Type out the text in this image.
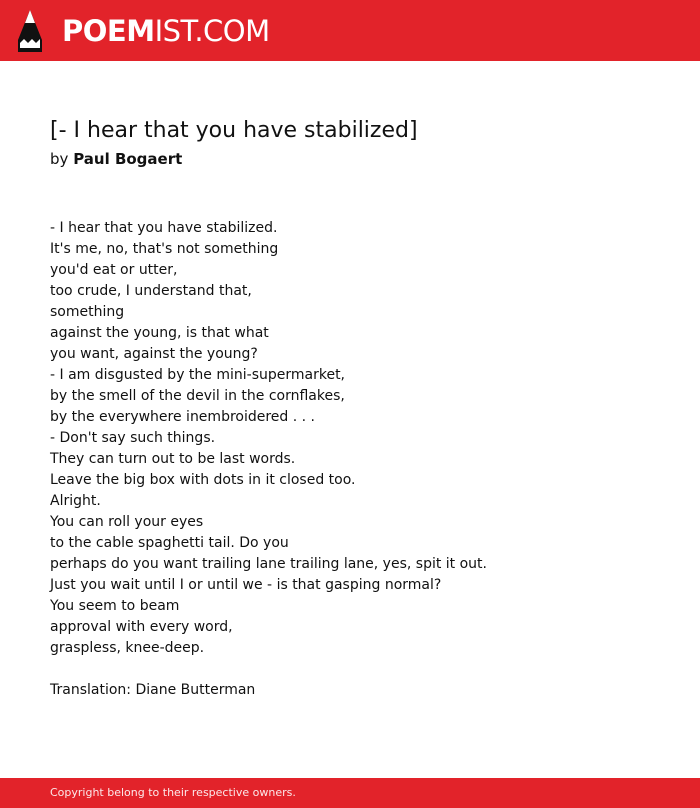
POEMIST.COM
[- I hear that you have stabilized]
by Paul Bogaert
- I hear that you have stabilized.
It's me, no, that's not something
you'd eat or utter,
too crude, I understand that,
something
against the young, is that what
you want, against the young?
- I am disgusted by the mini-supermarket,
by the smell of the devil in the cornflakes,
by the everywhere inembroidered . . .
- Don't say such things.
They can turn out to be last words.
Leave the big box with dots in it closed too.
Alright.
You can roll your eyes
to the cable spaghetti tail. Do you
perhaps do you want trailing lane trailing lane, yes, spit it out.
Just you wait until I or until we - is that gasping normal?
You seem to beam
approval with every word,
graspless, knee-deep.
Translation: Diane Butterman
Copyright belong to their respective owners.
